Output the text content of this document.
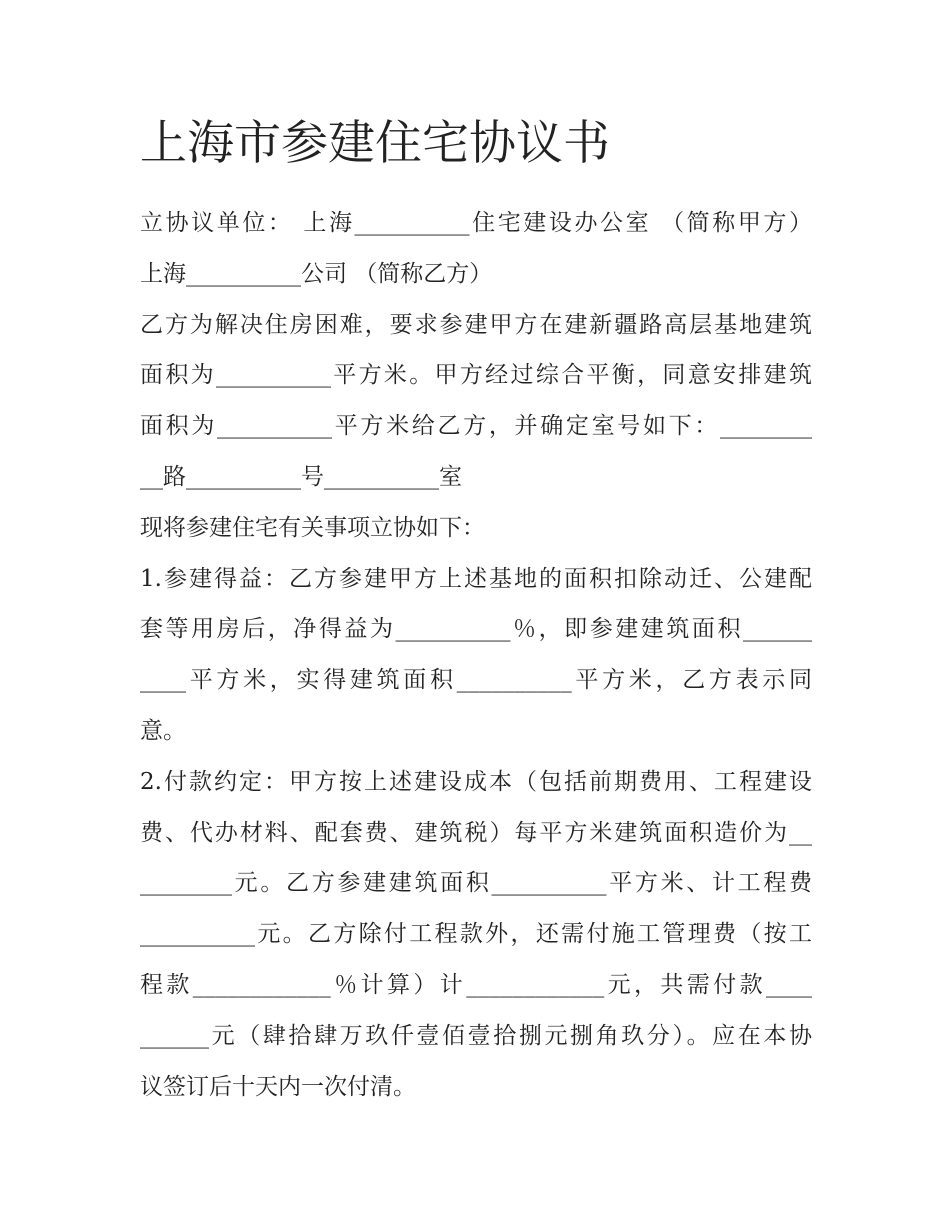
上海市参建住宅协议书
立协议单位： 上海__________住宅建设办公室 （简称甲方）
上海__________公司 （简称乙方）
乙方为解决住房困难，要求参建甲方在建新疆路高层基地建筑
面积为__________平方米。甲方经过综合平衡，同意安排建筑
面积为__________平方米给乙方，并确定室号如下：________
__路__________号__________室
现将参建住宅有关事项立协如下：
1.参建得益：乙方参建甲方上述基地的面积扣除动迁、公建配
套等用房后，净得益为__________％，即参建建筑面积______
____平方米，实得建筑面积__________平方米，乙方表示同
意。
2.付款约定：甲方按上述建设成本（包括前期费用、工程建设
费、代办材料、配套费、建筑税）每平方米建筑面积造价为__
________元。乙方参建建筑面积__________平方米、计工程费
__________元。乙方除付工程款外，还需付施工管理费（按工
程款____________％计算）计____________元，共需付款____
______元（肆拾肆万玖仟壹佰壹拾捌元捌角玖分）。应在本协
议签订后十天内一次付清。
